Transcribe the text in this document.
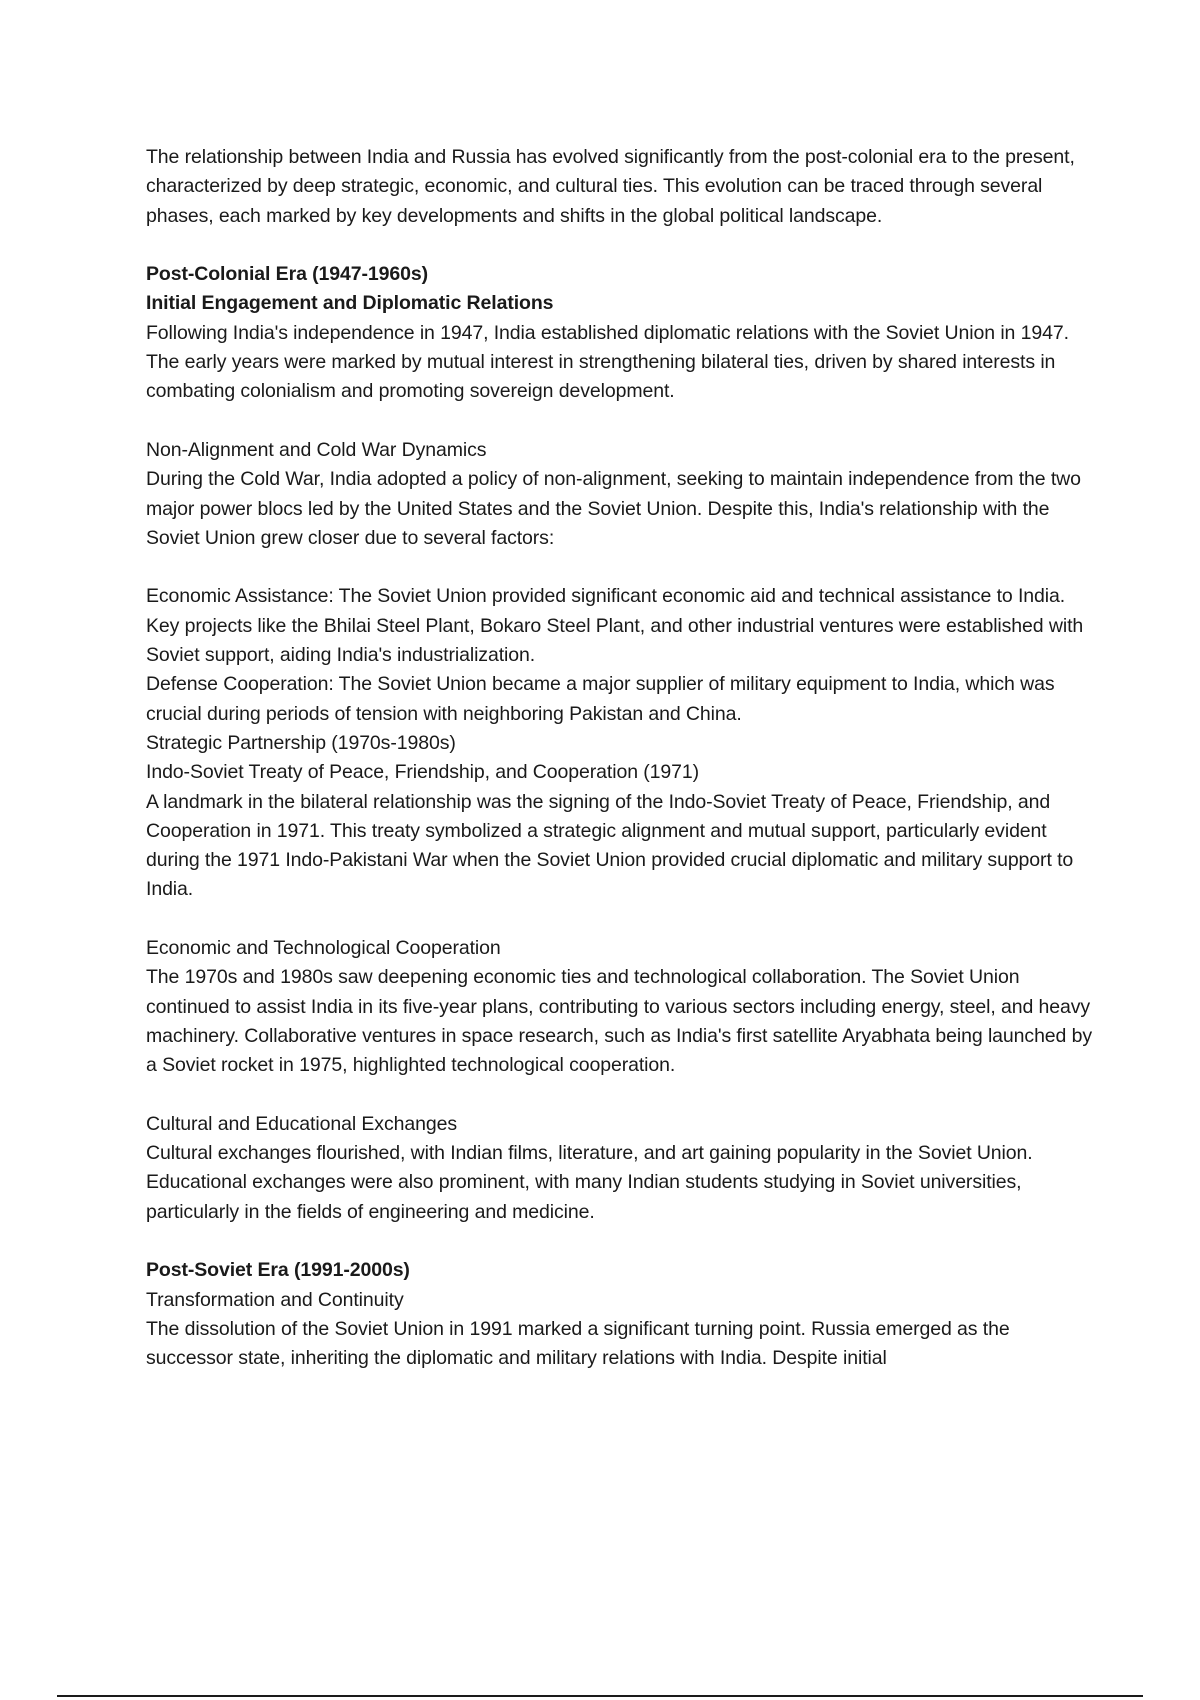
The relationship between India and Russia has evolved significantly from the post-colonial era to the present, characterized by deep strategic, economic, and cultural ties. This evolution can be traced through several phases, each marked by key developments and shifts in the global political landscape.

Post-Colonial Era (1947-1960s)

Initial Engagement and Diplomatic Relations

Following India's independence in 1947, India established diplomatic relations with the Soviet Union in 1947. The early years were marked by mutual interest in strengthening bilateral ties, driven by shared interests in combating colonialism and promoting sovereign development.

Non-Alignment and Cold War Dynamics

During the Cold War, India adopted a policy of non-alignment, seeking to maintain independence from the two major power blocs led by the United States and the Soviet Union. Despite this, India's relationship with the Soviet Union grew closer due to several factors:

Economic Assistance: The Soviet Union provided significant economic aid and technical assistance to India. Key projects like the Bhilai Steel Plant, Bokaro Steel Plant, and other industrial ventures were established with Soviet support, aiding India's industrialization.

Defense Cooperation: The Soviet Union became a major supplier of military equipment to India, which was crucial during periods of tension with neighboring Pakistan and China.

Strategic Partnership (1970s-1980s)

Indo-Soviet Treaty of Peace, Friendship, and Cooperation (1971)

A landmark in the bilateral relationship was the signing of the Indo-Soviet Treaty of Peace, Friendship, and Cooperation in 1971. This treaty symbolized a strategic alignment and mutual support, particularly evident during the 1971 Indo-Pakistani War when the Soviet Union provided crucial diplomatic and military support to India.

Economic and Technological Cooperation

The 1970s and 1980s saw deepening economic ties and technological collaboration. The Soviet Union continued to assist India in its five-year plans, contributing to various sectors including energy, steel, and heavy machinery. Collaborative ventures in space research, such as India's first satellite Aryabhata being launched by a Soviet rocket in 1975, highlighted technological cooperation.

Cultural and Educational Exchanges

Cultural exchanges flourished, with Indian films, literature, and art gaining popularity in the Soviet Union. Educational exchanges were also prominent, with many Indian students studying in Soviet universities, particularly in the fields of engineering and medicine.

Post-Soviet Era (1991-2000s)

Transformation and Continuity

The dissolution of the Soviet Union in 1991 marked a significant turning point. Russia emerged as the successor state, inheriting the diplomatic and military relations with India. Despite initial
